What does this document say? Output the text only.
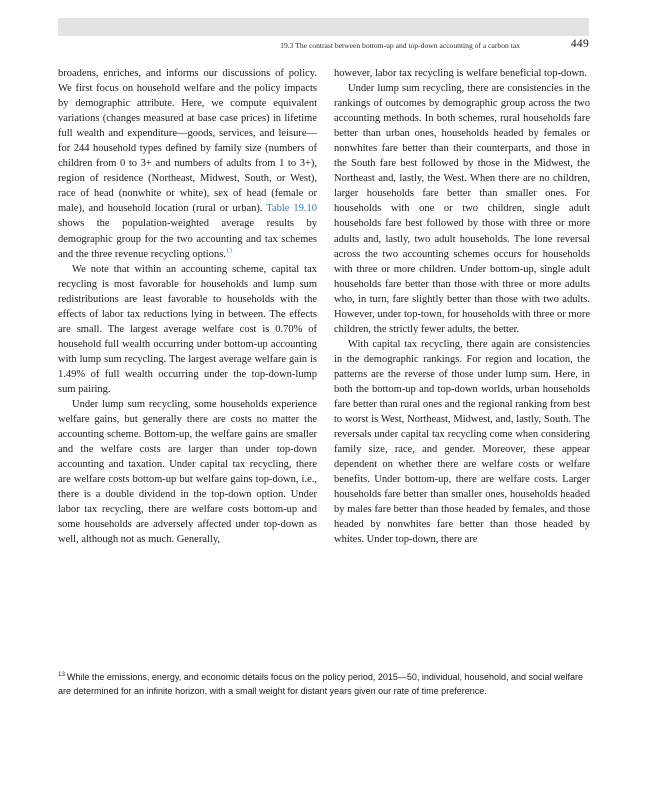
19.3 The contrast between bottom-up and top-down accounting of a carbon tax	449

broadens, enriches, and informs our discussions of policy. We first focus on household welfare and the policy impacts by demographic attribute. Here, we compute equivalent variations (changes measured at base case prices) in lifetime full wealth and expenditure—goods, services, and leisure—for 244 household types defined by family size (numbers of children from 0 to 3+ and numbers of adults from 1 to 3+), region of residence (Northeast, Midwest, South, or West), race of head (nonwhite or white), sex of head (female or male), and household location (rural or urban). Table 19.10 shows the population-weighted average results by demographic group for the two accounting and tax schemes and the three revenue recycling options.$^{13}$

We note that within an accounting scheme, capital tax recycling is most favorable for households and lump sum redistributions are least favorable to households with the effects of labor tax reductions lying in between. The effects are small. The largest average welfare cost is 0.70% of household full wealth occurring under bottom-up accounting with lump sum recycling. The largest average welfare gain is 1.49% of full wealth occurring under the top-down-lump sum pairing.

Under lump sum recycling, some households experience welfare gains, but generally there are costs no matter the accounting scheme. Bottom-up, the welfare gains are smaller and the welfare costs are larger than under top-down accounting and taxation. Under capital tax recycling, there are welfare costs bottom-up but welfare gains top-down, i.e., there is a double dividend in the top-down option. Under labor tax recycling, there are welfare costs bottom-up and some households are adversely affected under top-down as well, although not as much. Generally,

however, labor tax recycling is welfare beneficial top-down.

Under lump sum recycling, there are consistencies in the rankings of outcomes by demographic group across the two accounting methods. In both schemes, rural households fare better than urban ones, households headed by females or nonwhites fare better than their counterparts, and those in the South fare best followed by those in the Midwest, the Northeast and, lastly, the West. When there are no children, larger households fare better than smaller ones. For households with one or two children, single adult households fare best followed by those with three or more adults and, lastly, two adult households. The lone reversal across the two accounting schemes occurs for households with three or more children. Under bottom-up, single adult households fare better than those with three or more adults who, in turn, fare slightly better than those with two adults. However, under top-town, for households with three or more children, the strictly fewer adults, the better.

With capital tax recycling, there again are consistencies in the demographic rankings. For region and location, the patterns are the reverse of those under lump sum. Here, in both the bottom-up and top-down worlds, urban households fare better than rural ones and the regional ranking from best to worst is West, Northeast, Midwest, and, lastly, South. The reversals under capital tax recycling come when considering family size, race, and gender. Moreover, these appear dependent on whether there are welfare costs or welfare benefits. Under bottom-up, there are welfare costs. Larger households fare better than smaller ones, households headed by males fare better than those headed by females, and those headed by nonwhites fare better than those headed by whites. Under top-down, there are

$^{13}$ While the emissions, energy, and economic details focus on the policy period, 2015—50, individual, household, and social welfare are determined for an infinite horizon, with a small weight for distant years given our rate of time preference.
